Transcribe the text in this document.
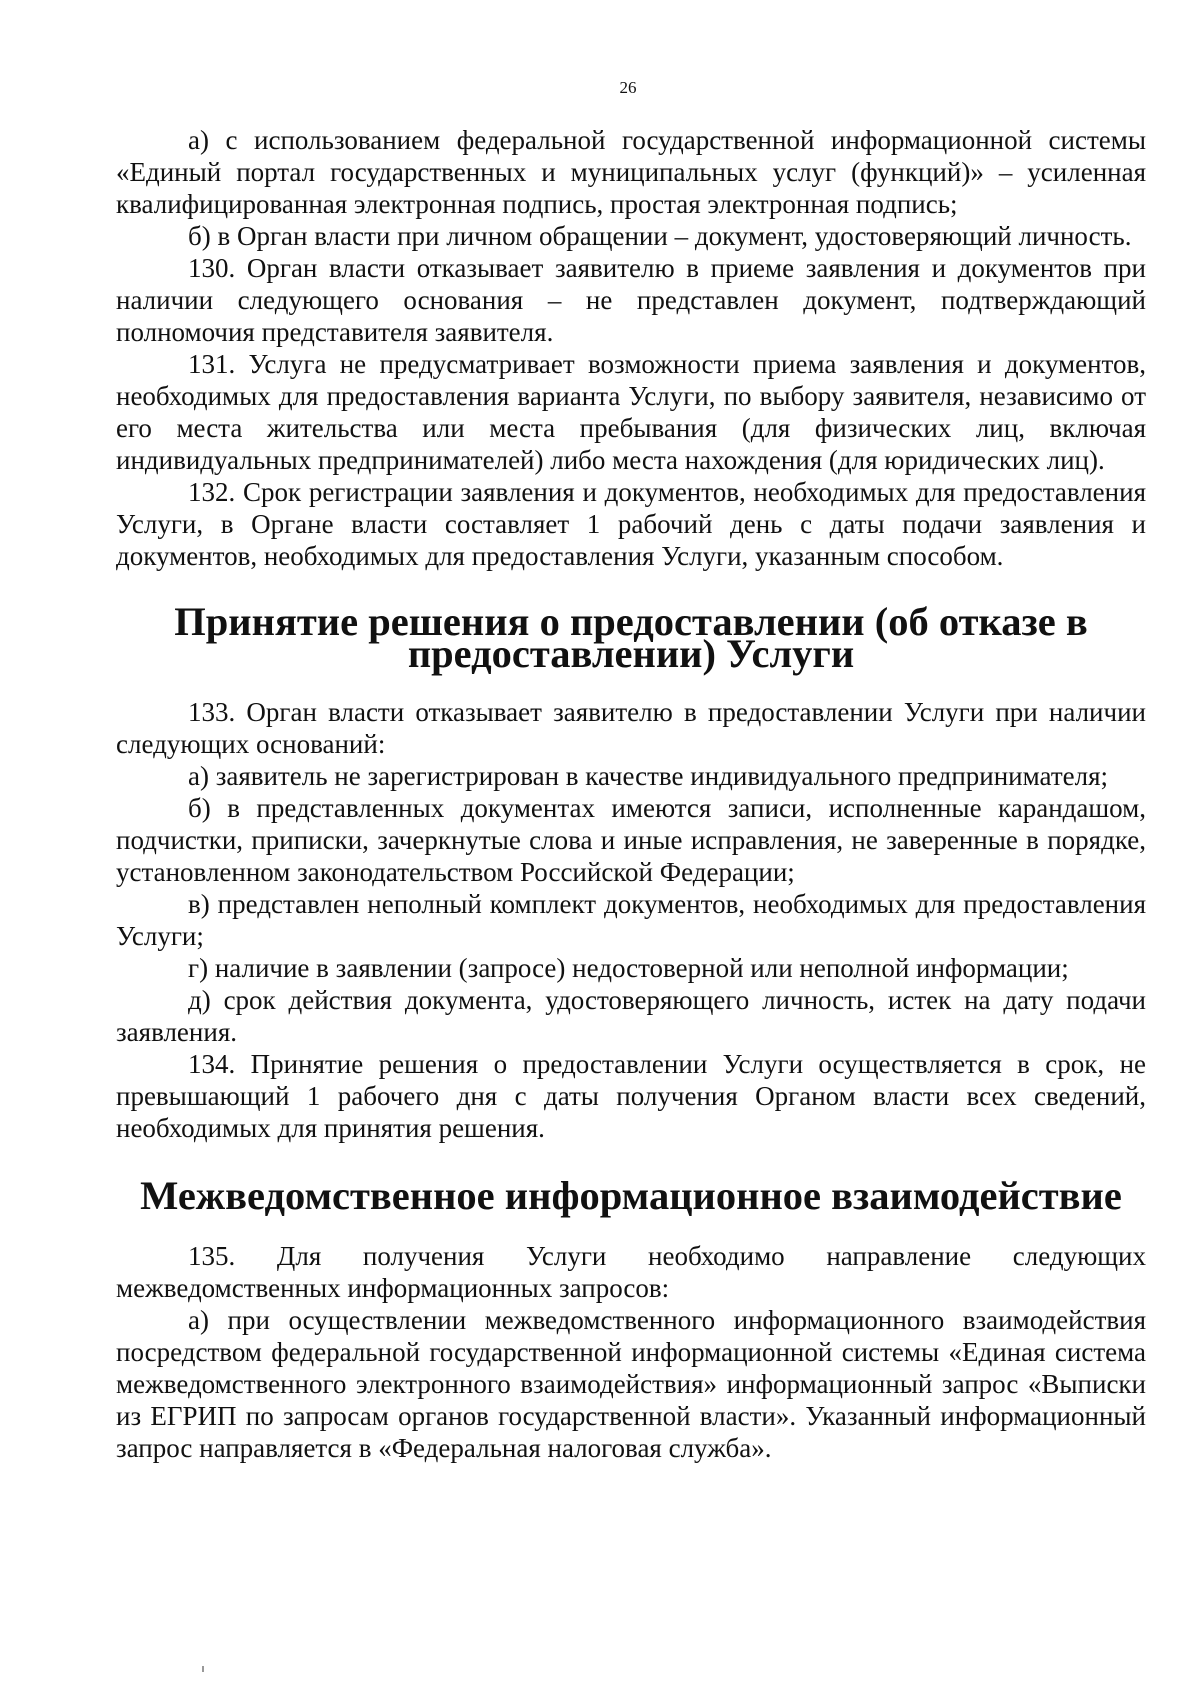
26

а) с использованием федеральной государственной информационной системы «Единый портал государственных и муниципальных услуг (функций)» – усиленная квалифицированная электронная подпись, простая электронная подпись;

б) в Орган власти при личном обращении – документ, удостоверяющий личность.

130. Орган власти отказывает заявителю в приеме заявления и документов при наличии следующего основания – не представлен документ, подтверждающий полномочия представителя заявителя.

131. Услуга не предусматривает возможности приема заявления и документов, необходимых для предоставления варианта Услуги, по выбору заявителя, независимо от его места жительства или места пребывания (для физических лиц, включая индивидуальных предпринимателей) либо места нахождения (для юридических лиц).

132. Срок регистрации заявления и документов, необходимых для предоставления Услуги, в Органе власти составляет 1 рабочий день с даты подачи заявления и документов, необходимых для предоставления Услуги, указанным способом.

Принятие решения о предоставлении (об отказе в предоставлении) Услуги

133. Орган власти отказывает заявителю в предоставлении Услуги при наличии следующих оснований:

а) заявитель не зарегистрирован в качестве индивидуального предпринимателя;

б) в представленных документах имеются записи, исполненные карандашом, подчистки, приписки, зачеркнутые слова и иные исправления, не заверенные в порядке, установленном законодательством Российской Федерации;

в) представлен неполный комплект документов, необходимых для предоставления Услуги;

г) наличие в заявлении (запросе) недостоверной или неполной информации;

д) срок действия документа, удостоверяющего личность, истек на дату подачи заявления.

134. Принятие решения о предоставлении Услуги осуществляется в срок, не превышающий 1 рабочего дня с даты получения Органом власти всех сведений, необходимых для принятия решения.

Межведомственное информационное взаимодействие

135. Для получения Услуги необходимо направление следующих межведомственных информационных запросов:

а) при осуществлении межведомственного информационного взаимодействия посредством федеральной государственной информационной системы «Единая система межведомственного электронного взаимодействия» информационный запрос «Выписки из ЕГРИП по запросам органов государственной власти». Указанный информационный запрос направляется в «Федеральная налоговая служба».
